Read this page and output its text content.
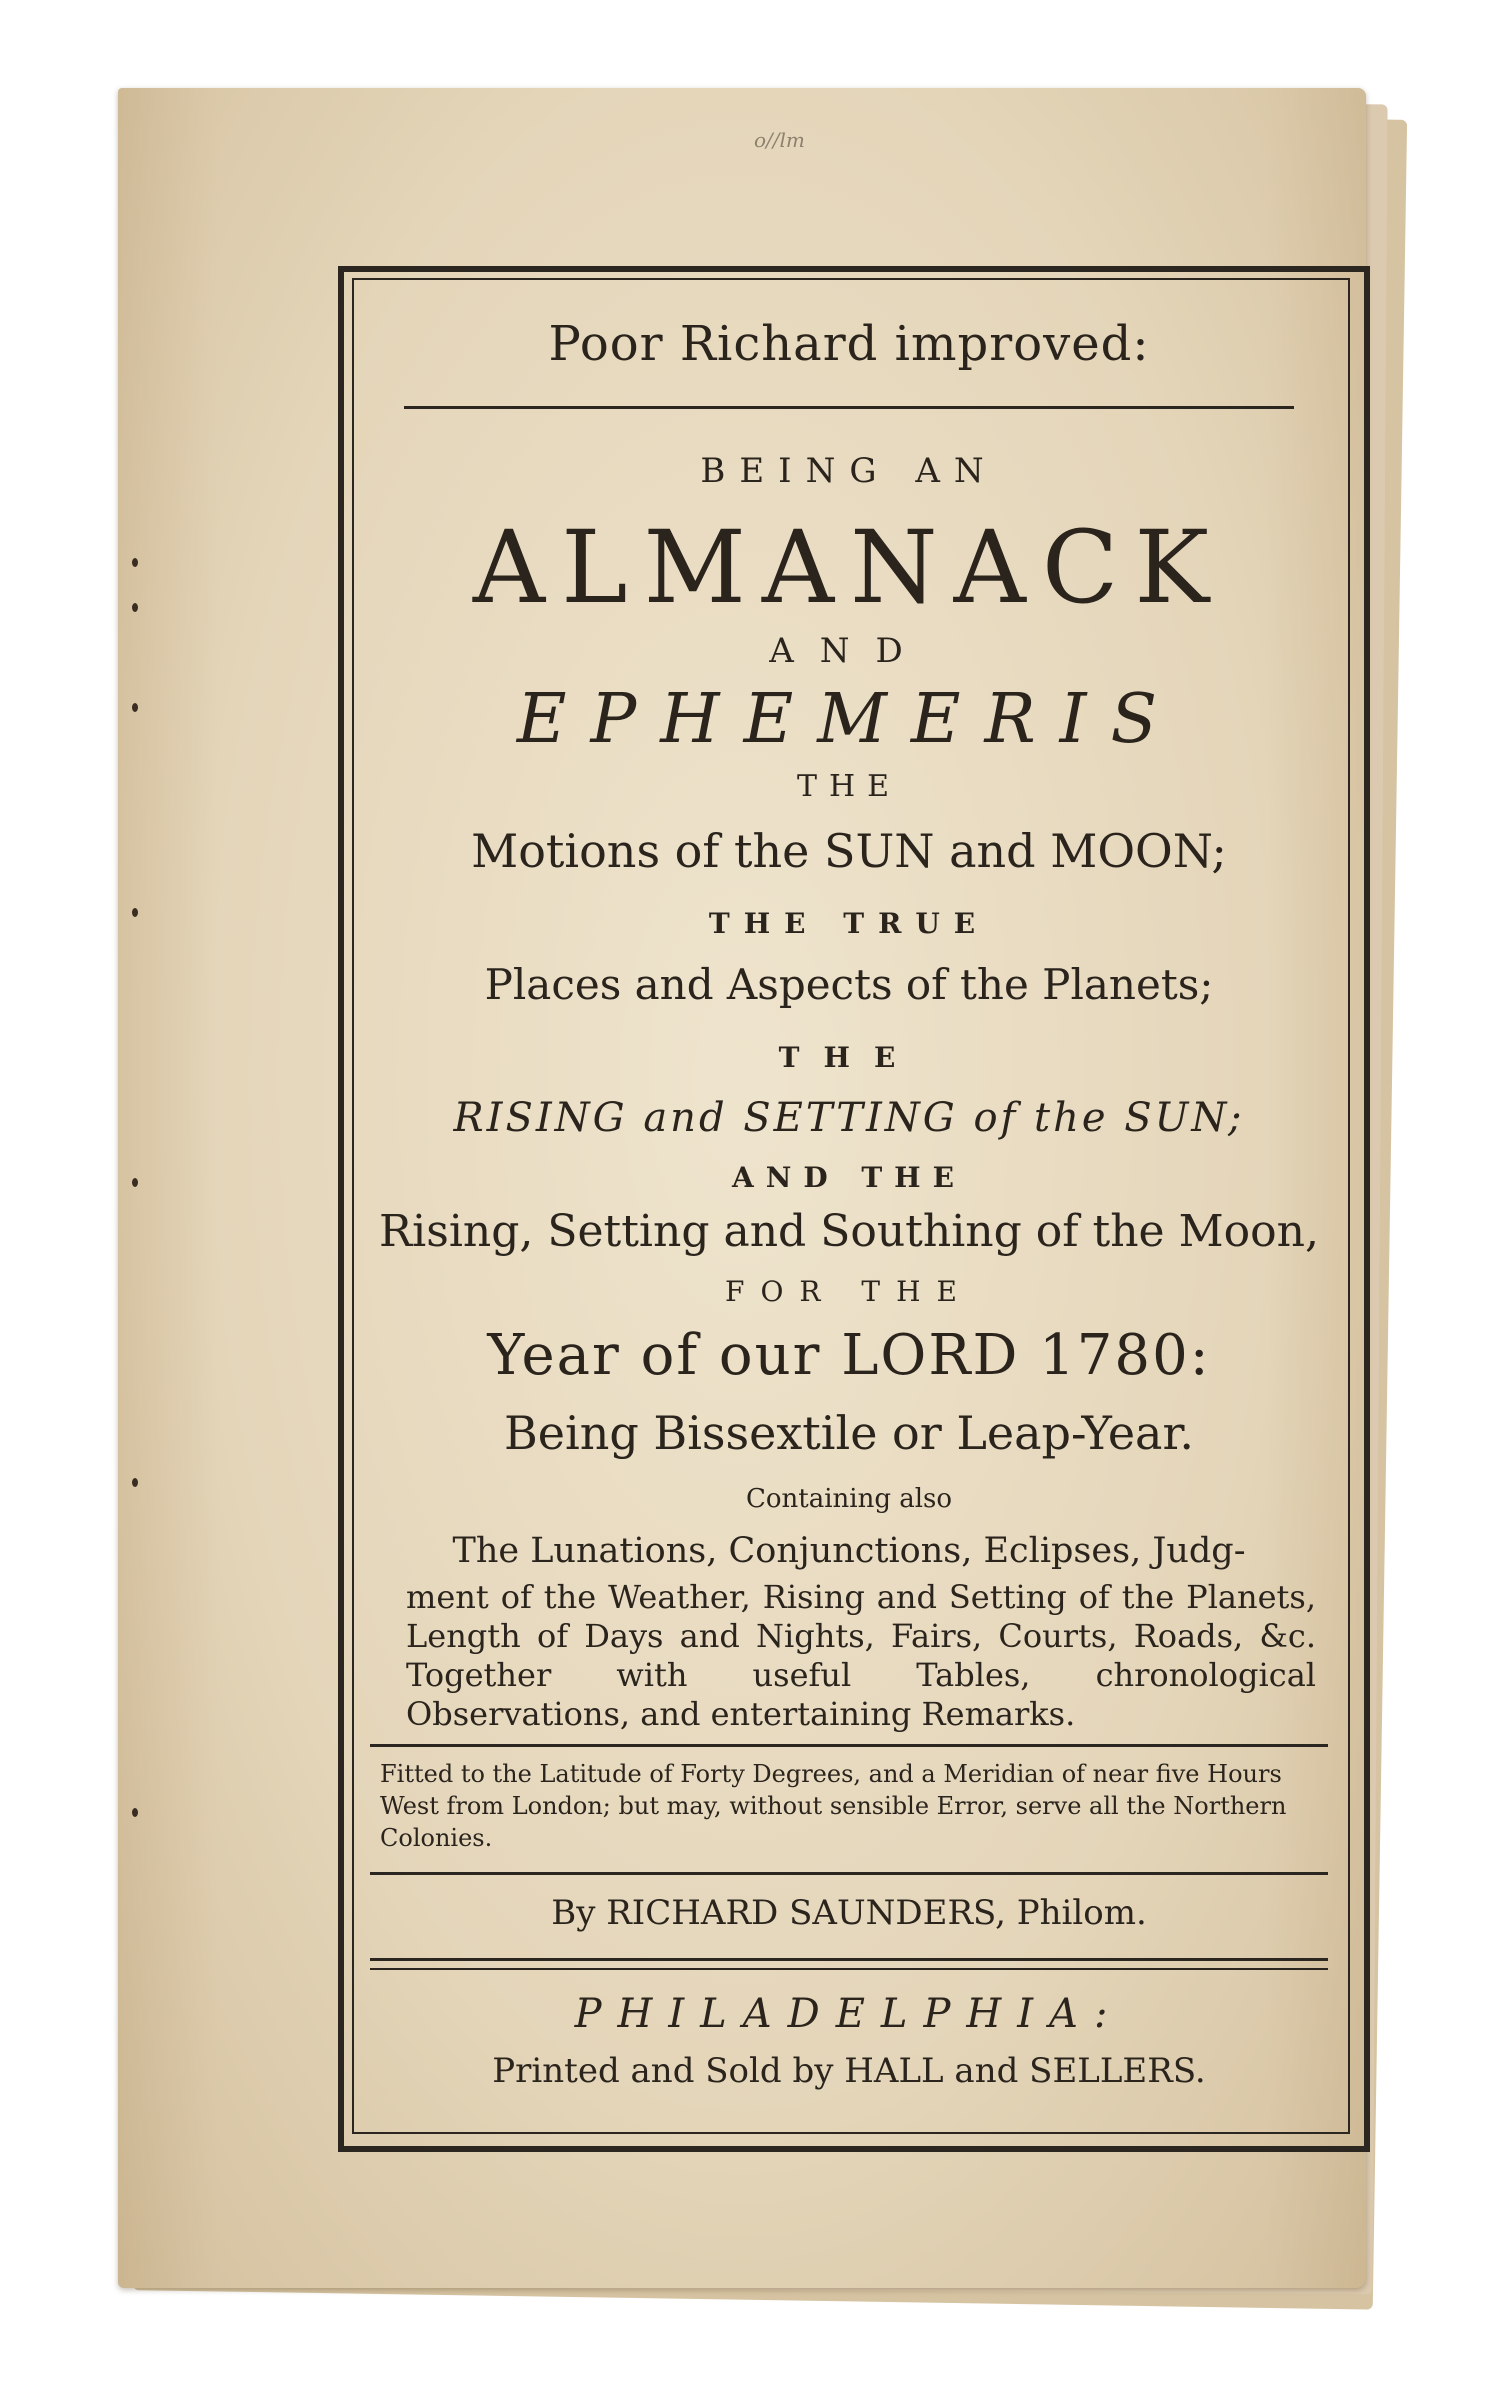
o//lm
Poor Richard improved:
BEING AN
ALMANACK
AND
EPHEMERIS
THE
Motions of the SUN and MOON;
THE TRUE
Places and Aspects of the Planets;
THE
RISING and SETTING of the SUN;
AND THE
Rising, Setting and Southing of the Moon,
FOR THE
Year of our LORD 1780:
Being Bissextile or Leap-Year.
Containing also
The Lunations, Conjunctions, Eclipses, Judg-
ment of the Weather, Rising and Setting of the Planets, Length of Days and Nights, Fairs, Courts, Roads, &c. Together with useful Tables, chronological Observations, and entertaining Remarks.
Fitted to the Latitude of Forty Degrees, and a Meridian of near five Hours West from London; but may, without sensible Error, serve all the Northern Colonies.
By RICHARD SAUNDERS, Philom.
PHILADELPHIA:
Printed and Sold by HALL and SELLERS.
